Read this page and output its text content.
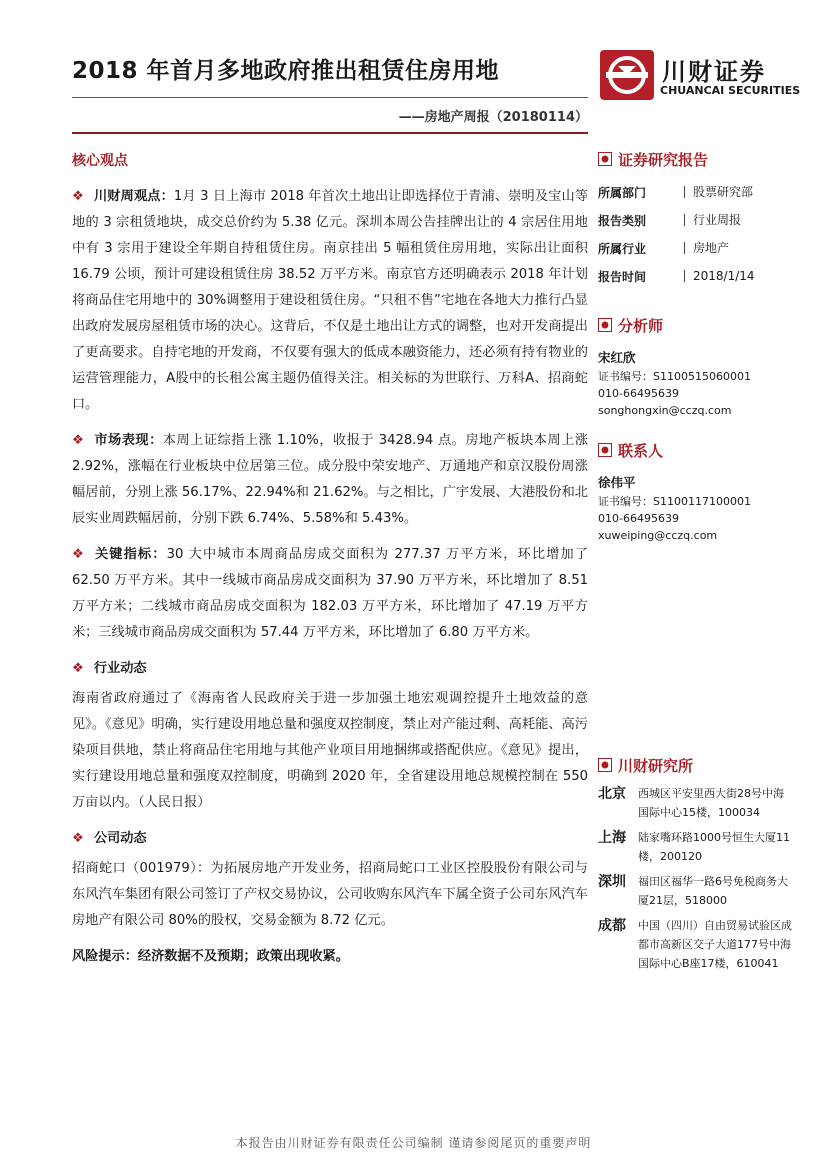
2018 年首月多地政府推出租赁住房用地	川财证券
CHUANCAI SECURITIES
——房地产周报（20180114）
核心观点

❖ 川财周观点：1月 3 日上海市 2018 年首次土地出让即选择位于青浦、崇明及宝山等地的 3 宗租赁地块，成交总价约为 5.38 亿元。深圳本周公告挂牌出让的 4 宗居住用地中有 3 宗用于建设全年期自持租赁住房。南京挂出 5 幅租赁住房用地，实际出让面积 16.79 公顷，预计可建设租赁住房 38.52 万平方米。南京官方还明确表示 2018 年计划将商品住宅用地中的 30%调整用于建设租赁住房。“只租不售”宅地在各地大力推行凸显出政府发展房屋租赁市场的决心。这背后，不仅是土地出让方式的调整，也对开发商提出了更高要求。自持宅地的开发商，不仅要有强大的低成本融资能力，还必须有持有物业的运营管理能力，A股中的长租公寓主题仍值得关注。相关标的为世联行、万科A、招商蛇口。

❖ 市场表现：本周上证综指上涨 1.10%，收报于 3428.94 点。房地产板块本周上涨 2.92%，涨幅在行业板块中位居第三位。成分股中荣安地产、万通地产和京汉股份周涨幅居前，分别上涨 56.17%、22.94%和 21.62%。与之相比，广宇发展、大港股份和北辰实业周跌幅居前，分别下跌 6.74%、5.58%和 5.43%。

❖ 关键指标：30 大中城市本周商品房成交面积为 277.37 万平方米，环比增加了 62.50 万平方米。其中一线城市商品房成交面积为 37.90 万平方米，环比增加了 8.51 万平方米；二线城市商品房成交面积为 182.03 万平方米，环比增加了 47.19 万平方米；三线城市商品房成交面积为 57.44 万平方米，环比增加了 6.80 万平方米。

❖ 行业动态

海南省政府通过了《海南省人民政府关于进一步加强土地宏观调控提升土地效益的意见》。《意见》明确，实行建设用地总量和强度双控制度，禁止对产能过剩、高耗能、高污染项目供地，禁止将商品住宅用地与其他产业项目用地捆绑或搭配供应。《意见》提出，实行建设用地总量和强度双控制度，明确到 2020 年，全省建设用地总规模控制在 550 万亩以内。（人民日报）

❖ 公司动态

招商蛇口（001979）：为拓展房地产开发业务，招商局蛇口工业区控股股份有限公司与东风汽车集团有限公司签订了产权交易协议，公司收购东风汽车下属全资子公司东风汽车房地产有限公司 80%的股权，交易金额为 8.72 亿元。

风险提示：经济数据不及预期；政策出现收紧。
证券研究报告
所属部门	股票研究部
报告类别	行业周报
所属行业	房地产
报告时间	2018/1/14
分析师
宋红欣
证书编号：S1100515060001
010-66495639
songhongxin@cczq.com
联系人
徐伟平
证书编号：S1100117100001
010-66495639
xuweiping@cczq.com
川财研究所
北京	西城区平安里西大街28号中海国际中心15楼，100034
上海	陆家嘴环路1000号恒生大厦11楼，200120
深圳	福田区福华一路6号免税商务大厦21层，518000
成都	中国（四川）自由贸易试验区成都市高新区交子大道177号中海国际中心B座17楼，610041
本报告由川财证券有限责任公司编制 谨请参阅尾页的重要声明
